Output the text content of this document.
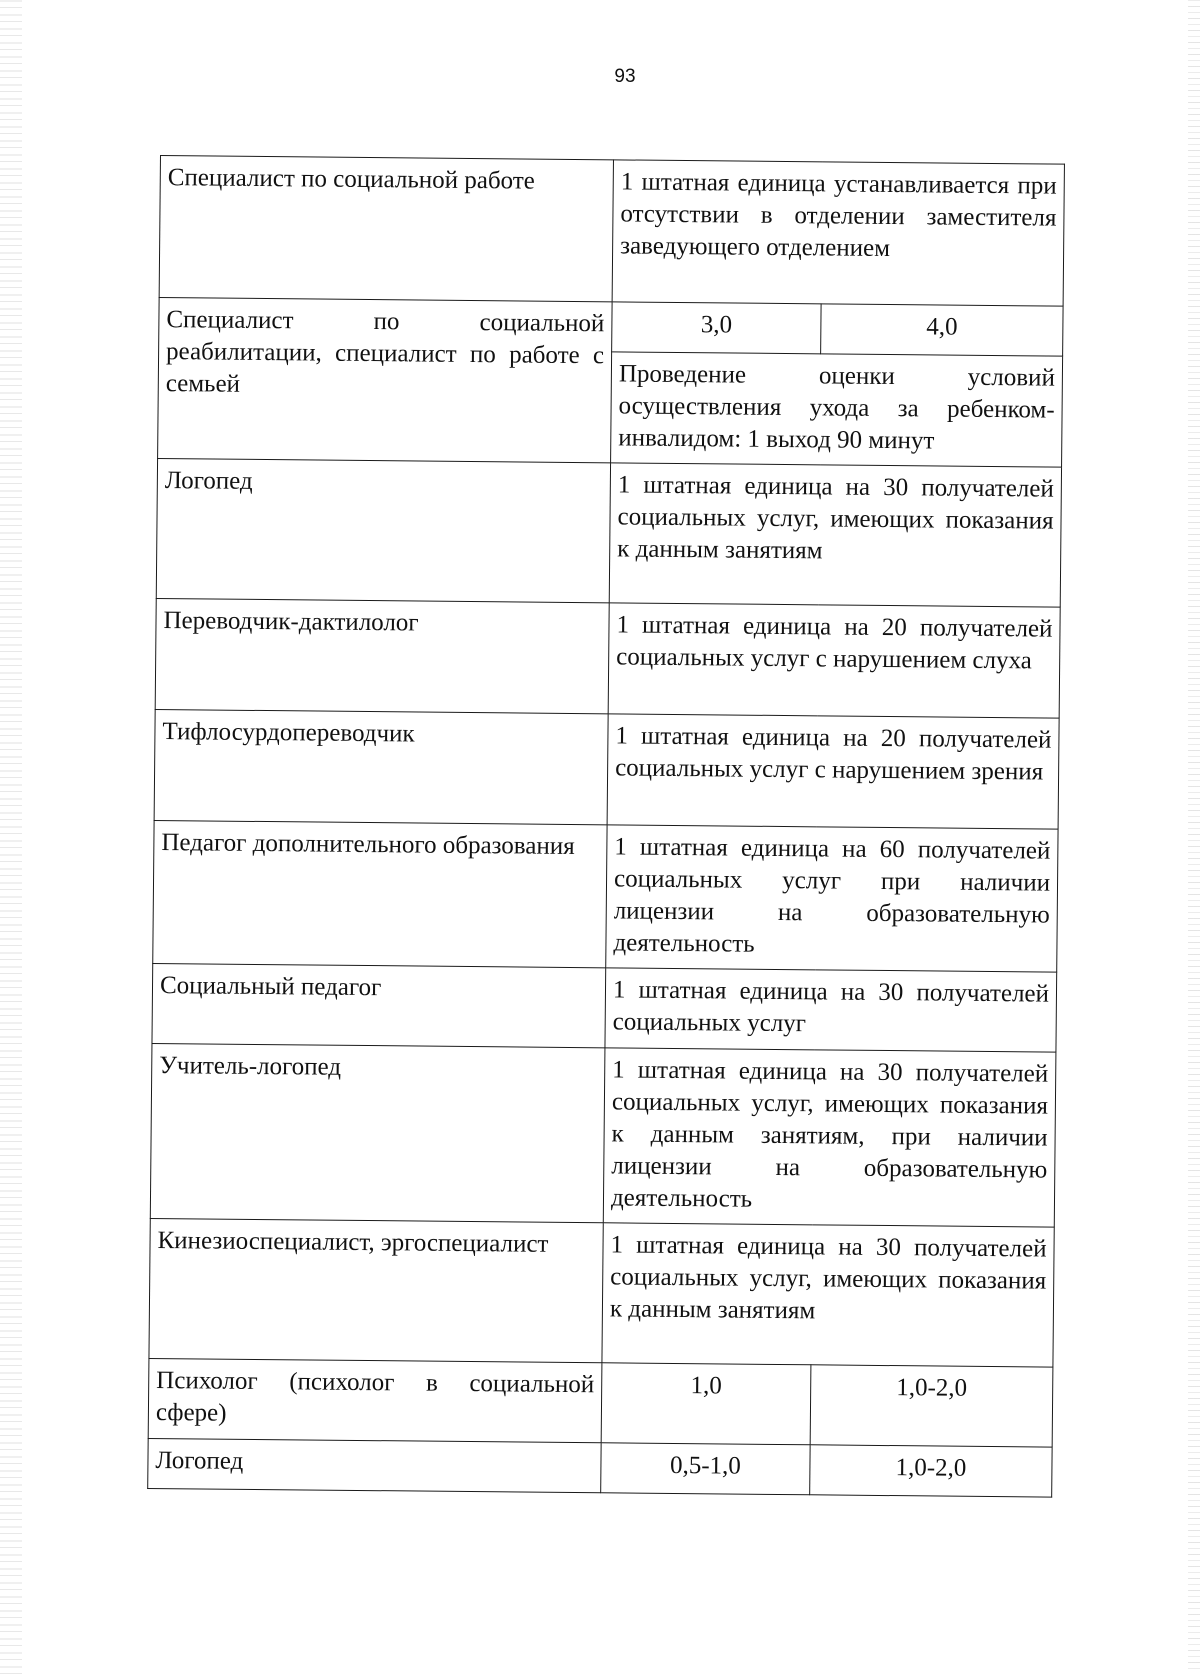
93
Специалист по социальной работе	1 штатная единица устанавливается при отсутствии в отделении заместителя заведующего отделением	
Специалист по социальной реабилитации, специалист по работе с семьей	3,0	4,0
	Проведение оценки условий осуществления ухода за ребенком-инвалидом: 1 выход 90 минут	
Логопед	1 штатная единица на 30 получателей социальных услуг, имеющих показания к данным занятиям	
Переводчик-дактилолог	1 штатная единица на 20 получателей социальных услуг с нарушением слуха	
Тифлосурдопереводчик	1 штатная единица на 20 получателей социальных услуг с нарушением зрения	
Педагог дополнительного образования	1 штатная единица на 60 получателей социальных услуг при наличии лицензии на образовательную деятельность	
Социальный педагог	1 штатная единица на 30 получателей социальных услуг	
Учитель-логопед	1 штатная единица на 30 получателей социальных услуг, имеющих показания к данным занятиям, при наличии лицензии на образовательную деятельность	
Кинезиоспециалист, эргоспециалист	1 штатная единица на 30 получателей социальных услуг, имеющих показания к данным занятиям	
Психолог (психолог в социальной сфере)	1,0	1,0-2,0
Логопед	0,5-1,0	1,0-2,0
